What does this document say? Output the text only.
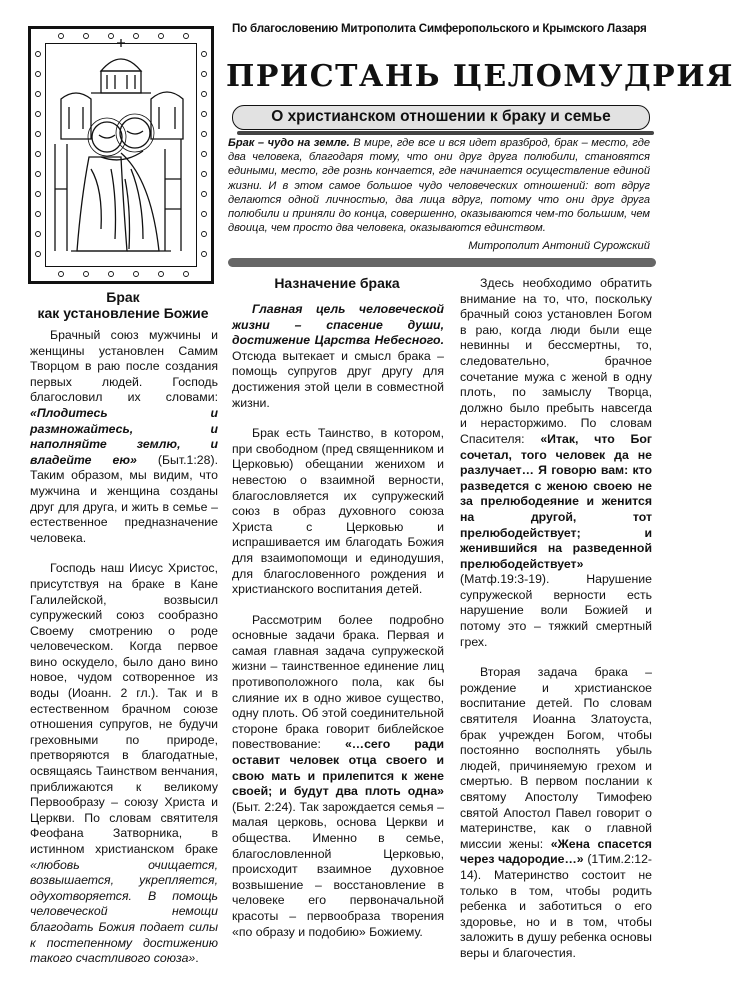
По благословению Митрополита Симферопольского и Крымского Лазаря
ПРИСТАНЬ ЦЕЛОМУДРИЯ
О христианском отношении к браку и семье
Брак – чудо на земле. В мире, где все и вся идет вразброд, брак – место, где два человека, благодаря тому, что они друг друга полюбили, становятся едиными, место, где рознь кончается, где начинается осуществление единой жизни. И в этом самое большое чудо человеческих отношений: вот вдруг делаются одной личностью, два лица вдруг, потому что они друг друга полюбили и приняли до конца, совершенно, оказываются чем-то большим, чем двоица, чем просто два человека, оказываются единством.
Митрополит Антоний Сурожский
Брак
как установление Божие

Брачный союз мужчины и женщины установлен Самим Творцом в раю после создания первых людей. Господь благословил их словами: «Плодитесь и размножайтесь, и наполняйте землю, и владейте ею» (Быт.1:28). Таким образом, мы видим, что мужчина и женщина созданы друг для друга, и жить в семье – естественное предназначение человека.

Господь наш Иисус Христос, присутствуя на браке в Кане Галилейской, возвысил супружеский союз сообразно Своему смотрению о роде человеческом. Когда первое вино оскудело, было дано вино новое, чудом сотворенное из воды (Иоанн. 2 гл.). Так и в естественном брачном союзе отношения супругов, не будучи греховными по природе, претворяются в благодатные, освящаясь Таинством венчания, приближаются к великому Первообразу – союзу Христа и Церкви. По словам святителя Феофана Затворника, в истинном христианском браке «любовь очищается, возвышается, укрепляется, одухотворяется. В помощь человеческой немощи благодать Божия подает силы к постепенному достижению такого счастливого союза».

Назначение брака

Главная цель человеческой жизни – спасение души, достижение Царства Небесного. Отсюда вытекает и смысл брака – помощь супругов друг другу для достижения этой цели в совместной жизни.

Брак есть Таинство, в котором, при свободном (пред священником и Церковью) обещании женихом и невестою о взаимной верности, благословляется их супружеский союз в образ духовного союза Христа с Церковью и испрашивается им благодать Божия для взаимопомощи и единодушия, для благословенного рождения и христианского воспитания детей.

Рассмотрим более подробно основные задачи брака. Первая и самая главная задача супружеской жизни – таинственное единение лиц противоположного пола, как бы слияние их в одно живое существо, одну плоть. Об этой соединительной стороне брака говорит библейское повествование: «…сего ради оставит человек отца своего и свою мать и прилепится к жене своей; и будут два плоть одна» (Быт. 2:24). Так зарождается семья – малая церковь, основа Церкви и общества. Именно в семье, благословленной Церковью, происходит взаимное духовное возвышение – восстановление в человеке его первоначальной красоты – первообраза творения «по образу и подобию» Божиему.

Здесь необходимо обратить внимание на то, что, поскольку брачный союз установлен Богом в раю, когда люди были еще невинны и бессмертны, то, следовательно, брачное сочетание мужа с женой в одну плоть, по замыслу Творца, должно было пребыть навсегда и нерасторжимо. По словам Спасителя: «Итак, что Бог сочетал, того человек да не разлучает… Я говорю вам: кто разведется с женою своею не за прелюбодеяние и женится на другой, тот прелюбодействует; и женившийся на разведенной прелюбодействует» (Матф.19:3-19). Нарушение супружеской верности есть нарушение воли Божией и потому это – тяжкий смертный грех.

Вторая задача брака – рождение и христианское воспитание детей. По словам святителя Иоанна Златоуста, брак учрежден Богом, чтобы постоянно восполнять убыль людей, причиняемую грехом и смертью. В первом послании к святому Апостолу Тимофею святой Апостол Павел говорит о материнстве, как о главной миссии жены: «Жена спасется через чадородие…» (1Тим.2:12-14). Материнство состоит не только в том, чтобы родить ребенка и заботиться о его здоровье, но и в том, чтобы заложить в душу ребенка основы веры и благочестия.
